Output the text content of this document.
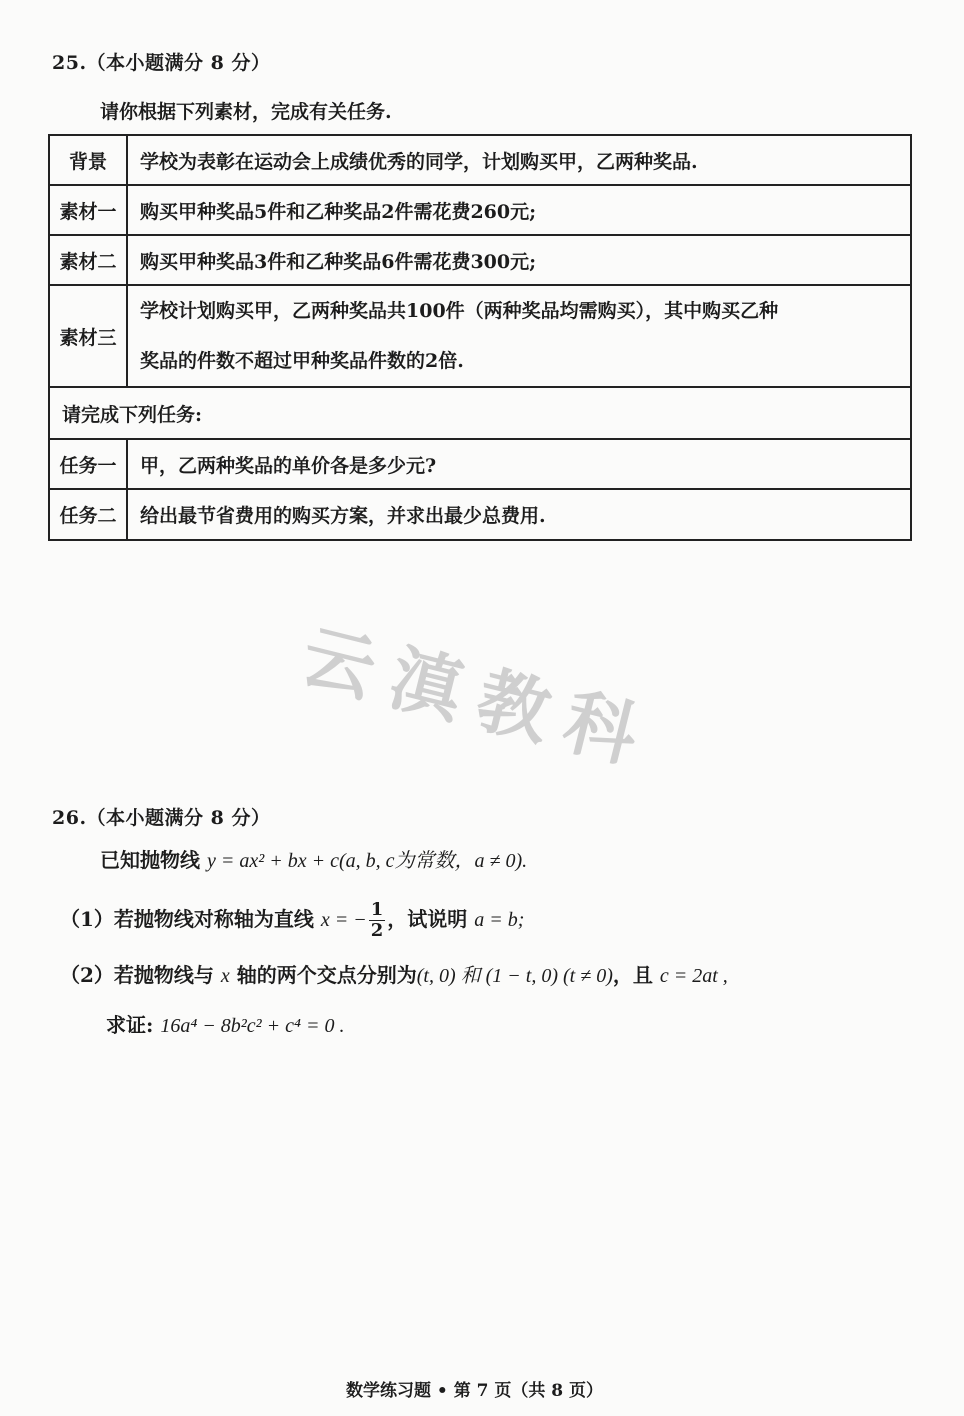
25.（本小题满分 8 分）
请你根据下列素材，完成有关任务.
背景	学校为表彰在运动会上成绩优秀的同学，计划购买甲，乙两种奖品.
素材一	购买甲种奖品5件和乙种奖品2件需花费260元;
素材二	购买甲种奖品3件和乙种奖品6件需花费300元;
素材三	学校计划购买甲，乙两种奖品共100件（两种奖品均需购买），其中购买乙种
奖品的件数不超过甲种奖品件数的2倍.

请完成下列任务:	
任务一	甲，乙两种奖品的单价各是多少元?
任务二	给出最节省费用的购买方案，并求出最少总费用.
云滇教科
26.（本小题满分 8 分）
已知抛物线 y = ax² + bx + c(a, b, c为常数，a ≠ 0).
（1）若抛物线对称轴为直线 x = − $\frac{1}{2}$ ，试说明 a = b;
（2）若抛物线与 x 轴的两个交点分别为(t, 0) 和 (1 − t, 0) (t ≠ 0)，且 c = 2at ,
求证: 16a⁴ − 8b²c² + c⁴ = 0 .
数学练习题 • 第 7 页（共 8 页）
